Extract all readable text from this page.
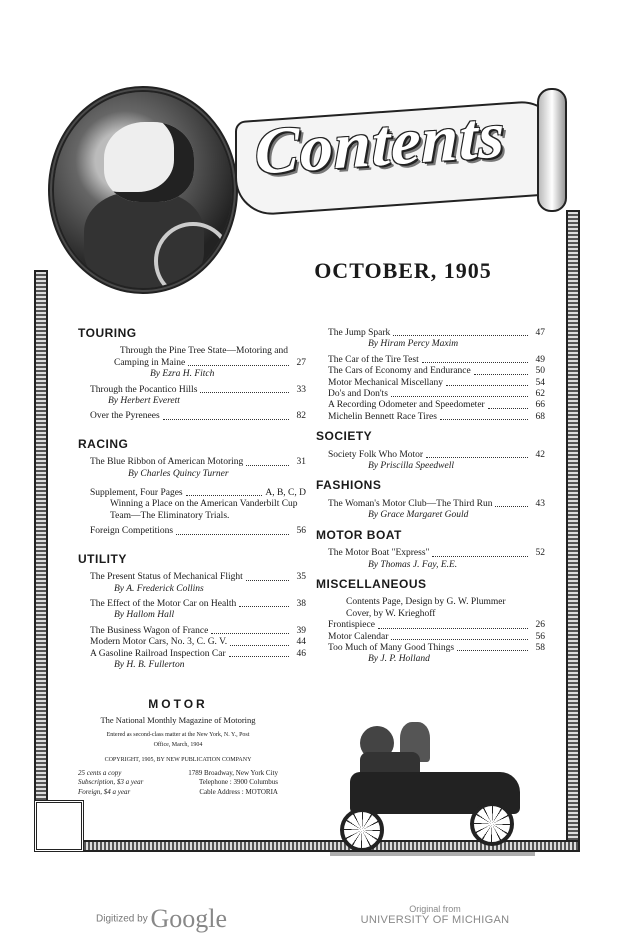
Contents
OCTOBER, 1905
TOURING
Through the Pine Tree State—Motoring and
Camping in Maine	27
By Ezra H. Fitch
Through the Pocantico Hills	33
By Herbert Everett
Over the Pyrenees	82
RACING
The Blue Ribbon of American Motoring	31
By Charles Quincy Turner
Supplement, Four Pages	A, B, C, D
Winning a Place on the American Vanderbilt Cup Team—The Eliminatory Trials.
Foreign Competitions	56
UTILITY
The Present Status of Mechanical Flight	35
By A. Frederick Collins
The Effect of the Motor Car on Health	38
By Hallom Hall
The Business Wagon of France	39
Modern Motor Cars, No. 3, C. G. V.	44
A Gasoline Railroad Inspection Car	46
By H. B. Fullerton
The Jump Spark	47
By Hiram Percy Maxim
The Car of the Tire Test	49
The Cars of Economy and Endurance	50
Motor Mechanical Miscellany	54
Do's and Don'ts	62
A Recording Odometer and Speedometer	66
Michelin Bennett Race Tires	68
SOCIETY
Society Folk Who Motor	42
By Priscilla Speedwell
FASHIONS
The Woman's Motor Club—The Third Run	43
By Grace Margaret Gould
MOTOR BOAT
The Motor Boat "Express"	52
By Thomas J. Fay, E.E.
MISCELLANEOUS
Contents Page, Design by G. W. Plummer
Cover, by W. Krieghoff
Frontispiece	26
Motor Calendar	56
Too Much of Many Good Things	58
By J. P. Holland
MOTOR
The National Monthly Magazine of Motoring
Entered as second-class matter at the New York, N. Y., Post Office, March, 1904
COPYRIGHT, 1905, BY NEW PUBLICATION COMPANY
25 cents a copy	1789 Broadway, New York City
Subscription, $3 a year	Telephone : 3900 Columbus
Foreign, $4 a year	Cable Address : MOTORIA
Digitized by Google	Original from
UNIVERSITY OF MICHIGAN
